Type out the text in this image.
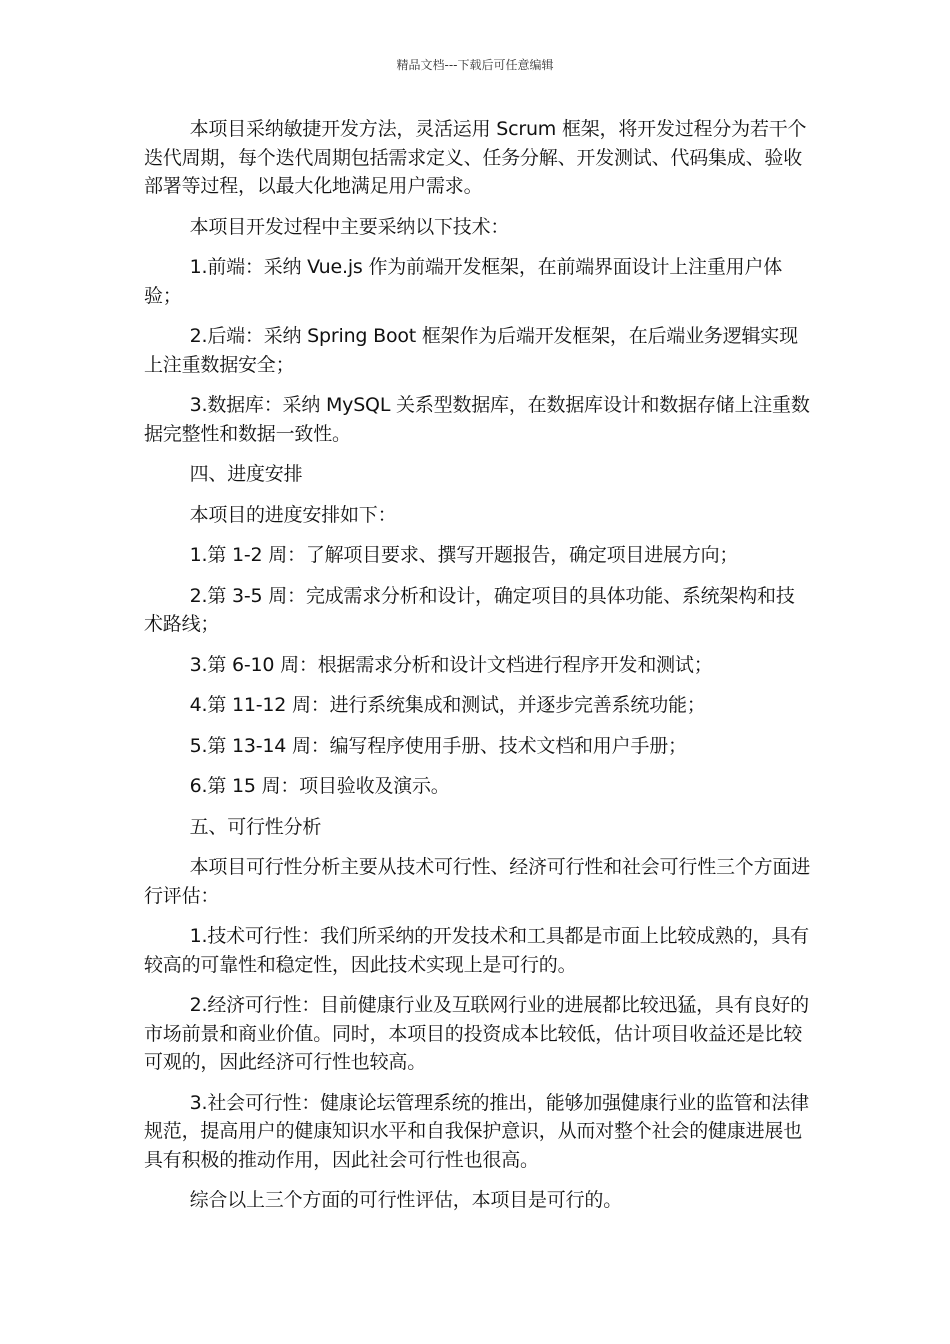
精品文档---下载后可任意编辑

本项目采纳敏捷开发方法，灵活运用 Scrum 框架，将开发过程分为若干个迭代周期，每个迭代周期包括需求定义、任务分解、开发测试、代码集成、验收部署等过程，以最大化地满足用户需求。

本项目开发过程中主要采纳以下技术：

1.前端：采纳 Vue.js 作为前端开发框架，在前端界面设计上注重用户体验；

2.后端：采纳 Spring Boot 框架作为后端开发框架，在后端业务逻辑实现上注重数据安全；

3.数据库：采纳 MySQL 关系型数据库，在数据库设计和数据存储上注重数据完整性和数据一致性。

四、进度安排

本项目的进度安排如下：

1.第 1-2 周：了解项目要求、撰写开题报告，确定项目进展方向；

2.第 3-5 周：完成需求分析和设计，确定项目的具体功能、系统架构和技术路线；

3.第 6-10 周：根据需求分析和设计文档进行程序开发和测试；

4.第 11-12 周：进行系统集成和测试，并逐步完善系统功能；

5.第 13-14 周：编写程序使用手册、技术文档和用户手册；

6.第 15 周：项目验收及演示。

五、可行性分析

本项目可行性分析主要从技术可行性、经济可行性和社会可行性三个方面进行评估：

1.技术可行性：我们所采纳的开发技术和工具都是市面上比较成熟的，具有较高的可靠性和稳定性，因此技术实现上是可行的。

2.经济可行性：目前健康行业及互联网行业的进展都比较迅猛，具有良好的市场前景和商业价值。同时，本项目的投资成本比较低，估计项目收益还是比较可观的，因此经济可行性也较高。

3.社会可行性：健康论坛管理系统的推出，能够加强健康行业的监管和法律规范，提高用户的健康知识水平和自我保护意识，从而对整个社会的健康进展也具有积极的推动作用，因此社会可行性也很高。

综合以上三个方面的可行性评估，本项目是可行的。
